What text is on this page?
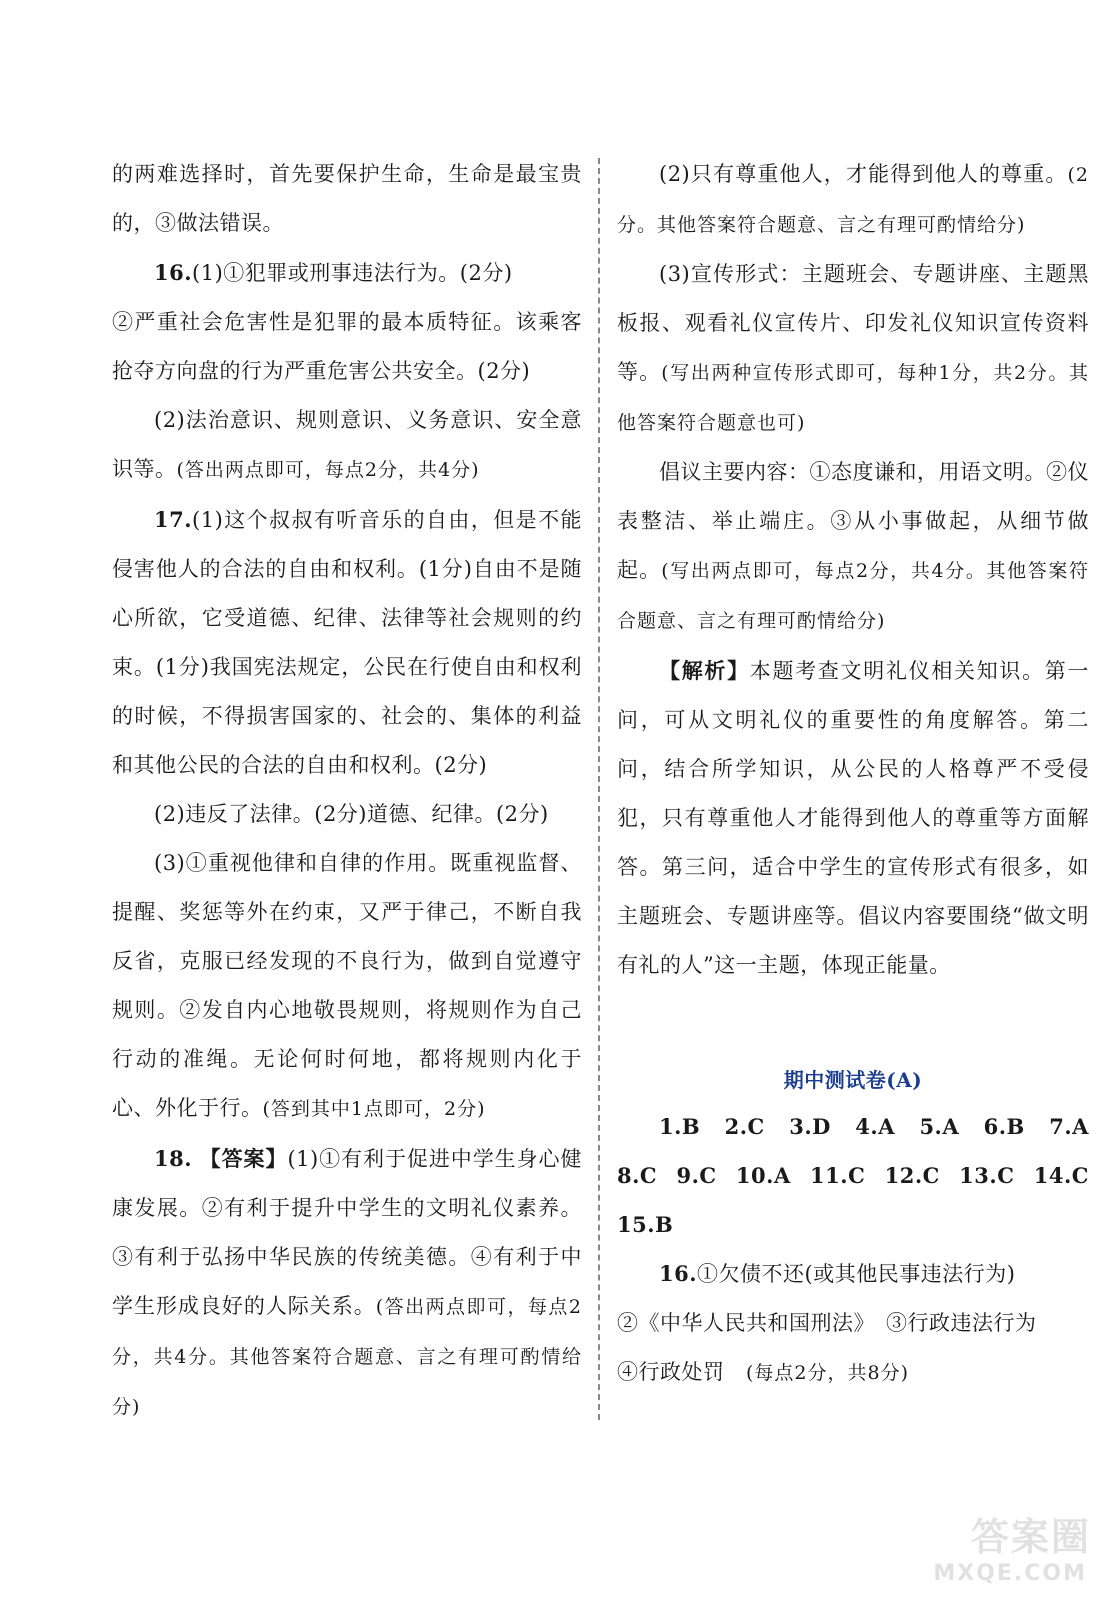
的两难选择时，首先要保护生命，生命是最宝贵的，③做法错误。

16.(1)①犯罪或刑事违法行为。(2分)

②严重社会危害性是犯罪的最本质特征。该乘客抢夺方向盘的行为严重危害公共安全。(2分)

(2)法治意识、规则意识、义务意识、安全意识等。(答出两点即可，每点2分，共4分)

17.(1)这个叔叔有听音乐的自由，但是不能侵害他人的合法的自由和权利。(1分)自由不是随心所欲，它受道德、纪律、法律等社会规则的约束。(1分)我国宪法规定，公民在行使自由和权利的时候，不得损害国家的、社会的、集体的利益和其他公民的合法的自由和权利。(2分)

(2)违反了法律。(2分)道德、纪律。(2分)

(3)①重视他律和自律的作用。既重视监督、提醒、奖惩等外在约束，又严于律己，不断自我反省，克服已经发现的不良行为，做到自觉遵守规则。②发自内心地敬畏规则，将规则作为自己行动的准绳。无论何时何地，都将规则内化于心、外化于行。(答到其中1点即可，2分)

18. 【答案】(1)①有利于促进中学生身心健康发展。②有利于提升中学生的文明礼仪素养。③有利于弘扬中华民族的传统美德。④有利于中学生形成良好的人际关系。(答出两点即可，每点2分，共4分。其他答案符合题意、言之有理可酌情给分)

(2)只有尊重他人，才能得到他人的尊重。(2分。其他答案符合题意、言之有理可酌情给分)

(3)宣传形式：主题班会、专题讲座、主题黑板报、观看礼仪宣传片、印发礼仪知识宣传资料等。(写出两种宣传形式即可，每种1分，共2分。其他答案符合题意也可)

倡议主要内容：①态度谦和，用语文明。②仪表整洁、举止端庄。③从小事做起，从细节做起。(写出两点即可，每点2分，共4分。其他答案符合题意、言之有理可酌情给分)

【解析】本题考查文明礼仪相关知识。第一问，可从文明礼仪的重要性的角度解答。第二问，结合所学知识，从公民的人格尊严不受侵犯，只有尊重他人才能得到他人的尊重等方面解答。第三问，适合中学生的宣传形式有很多，如主题班会、专题讲座等。倡议内容要围绕“做文明有礼的人”这一主题，体现正能量。

期中测试卷(A)

1.B 2.C 3.D 4.A 5.A 6.B 7.A
8.C 9.C 10.A 11.C 12.C 13.C 14.C
15.B

16.①欠债不还(或其他民事违法行为)

②《中华人民共和国刑法》　③行政违法行为

④行政处罚　 (每点2分，共8分)

答案圈
MXQE.COM
